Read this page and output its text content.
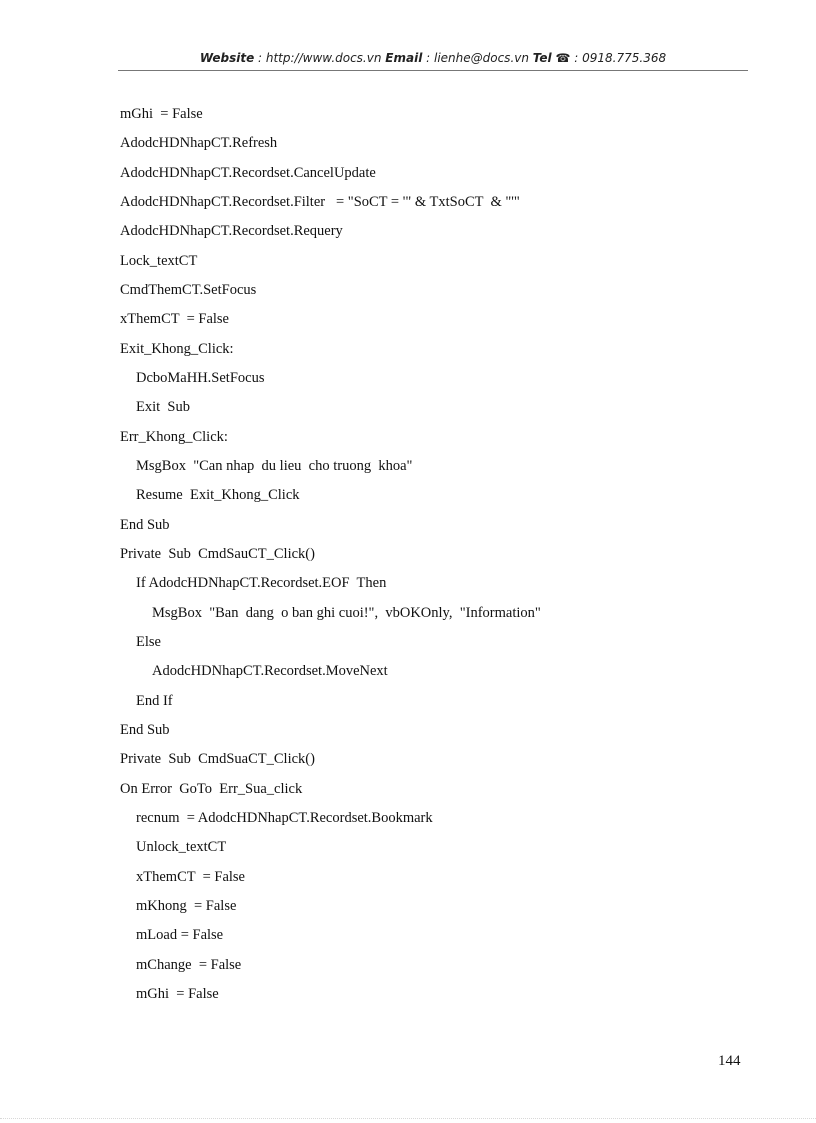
Website : http://www.docs.vn Email : lienhe@docs.vn Tel ☎ : 0918.775.368
mGhi  = False
AdodcHDNhapCT.Refresh
AdodcHDNhapCT.Recordset.CancelUpdate
AdodcHDNhapCT.Recordset.Filter   = "SoCT = '" & TxtSoCT  & "'"
AdodcHDNhapCT.Recordset.Requery
Lock_textCT
CmdThemCT.SetFocus
xThemCT  = False
Exit_Khong_Click:
DcboMaHH.SetFocus
Exit  Sub
Err_Khong_Click:
MsgBox  "Can nhap  du lieu  cho truong  khoa"
Resume  Exit_Khong_Click
End Sub
Private  Sub  CmdSauCT_Click()
If AdodcHDNhapCT.Recordset.EOF  Then
MsgBox  "Ban  dang  o ban ghi cuoi!",  vbOKOnly,  "Information"
Else
AdodcHDNhapCT.Recordset.MoveNext
End If
End Sub
Private  Sub  CmdSuaCT_Click()
On Error  GoTo  Err_Sua_click
recnum  = AdodcHDNhapCT.Recordset.Bookmark
Unlock_textCT
xThemCT  = False
mKhong  = False
mLoad = False
mChange  = False
mGhi  = False
144
